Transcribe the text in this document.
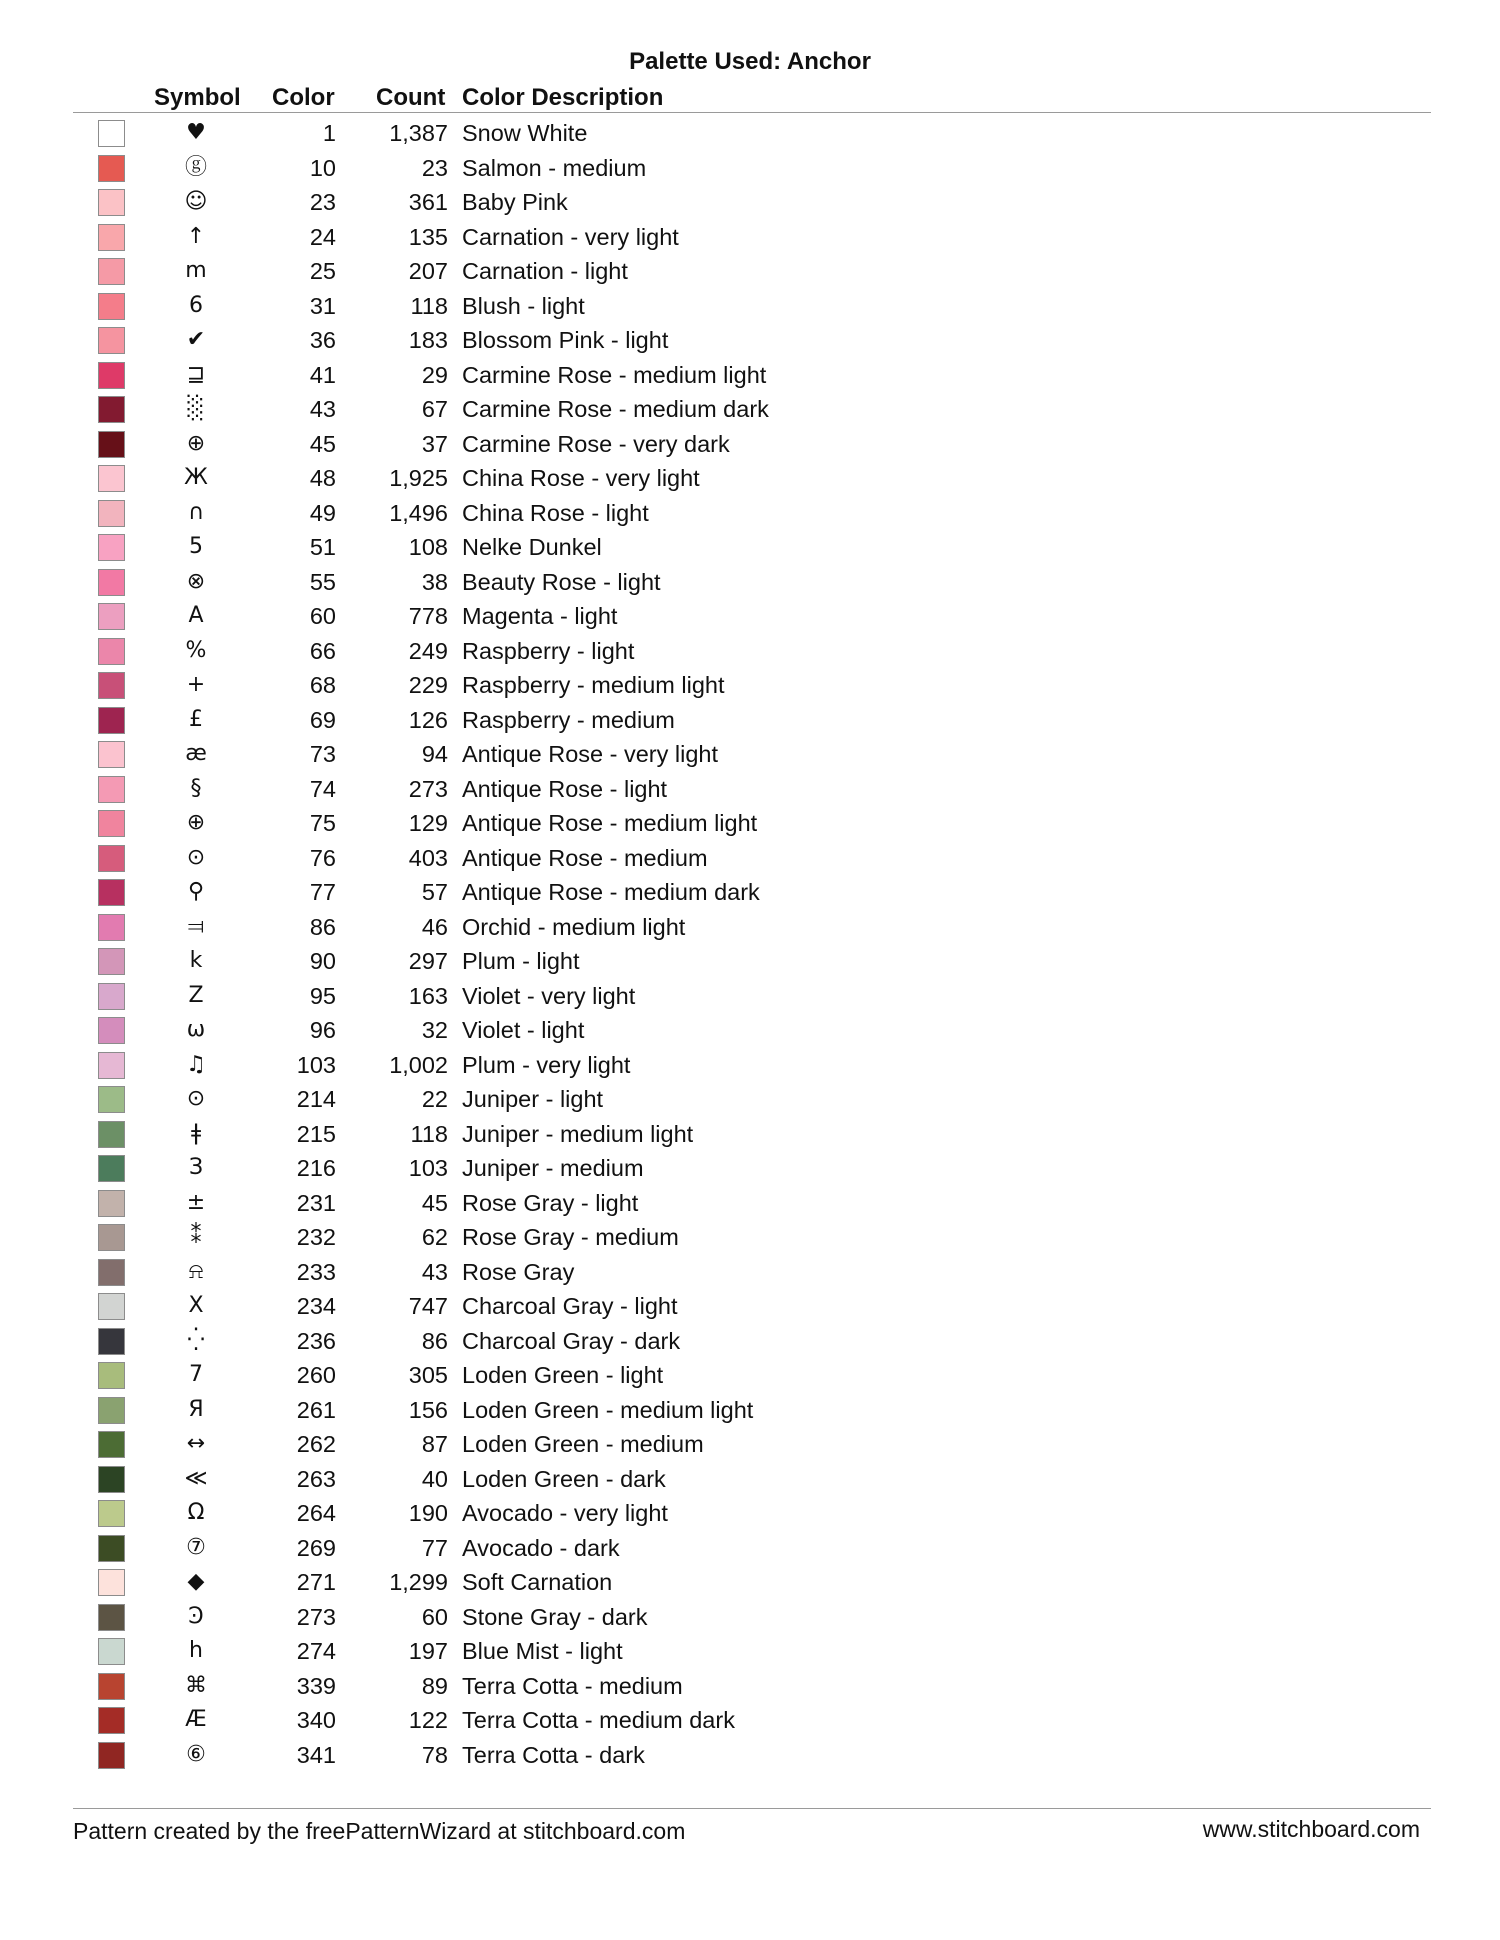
Palette Used: Anchor
Symbol Color Count Color Description
♥	1	1,387 Snow White
ⓖ	10	23 Salmon - medium
☺	23	361 Baby Pink
↑	24	135 Carnation - very light
m	25	207 Carnation - light
6	31	118 Blush - light
✔	36	183 Blossom Pink - light
⊒	41	29 Carmine Rose - medium light
░	43	67 Carmine Rose - medium dark
⊕	45	37 Carmine Rose - very dark
Ж	48	1,925 China Rose - very light
∩	49	1,496 China Rose - light
5	51	108 Nelke Dunkel
⊗	55	38 Beauty Rose - light
A	60	778 Magenta - light
%	66	249 Raspberry - light
+	68	229 Raspberry - medium light
£	69	126 Raspberry - medium
æ	73	94 Antique Rose - very light
§	74	273 Antique Rose - light
⊕	75	129 Antique Rose - medium light
⊙	76	403 Antique Rose - medium
⚲	77	57 Antique Rose - medium dark
⫤	86	46 Orchid - medium light
k	90	297 Plum - light
Z	95	163 Violet - very light
ω	96	32 Violet - light
♫	103	1,002 Plum - very light
⊙	214	22 Juniper - light
ǂ	215	118 Juniper - medium light
З	216	103 Juniper - medium
±	231	45 Rose Gray - light
⁑	232	62 Rose Gray - medium
⍾	233	43 Rose Gray
X	234	747 Charcoal Gray - light
⁛	236	86 Charcoal Gray - dark
7	260	305 Loden Green - light
Я	261	156 Loden Green - medium light
↔	262	87 Loden Green - medium
≪	263	40 Loden Green - dark
Ω	264	190 Avocado - very light
⑦	269	77 Avocado - dark
◆	271	1,299 Soft Carnation
Ͽ	273	60 Stone Gray - dark
h	274	197 Blue Mist - light
⌘	339	89 Terra Cotta - medium
Æ	340	122 Terra Cotta - medium dark
⑥	341	78 Terra Cotta - dark
Pattern created by the freePatternWizard at stitchboard.com	www.stitchboard.com
